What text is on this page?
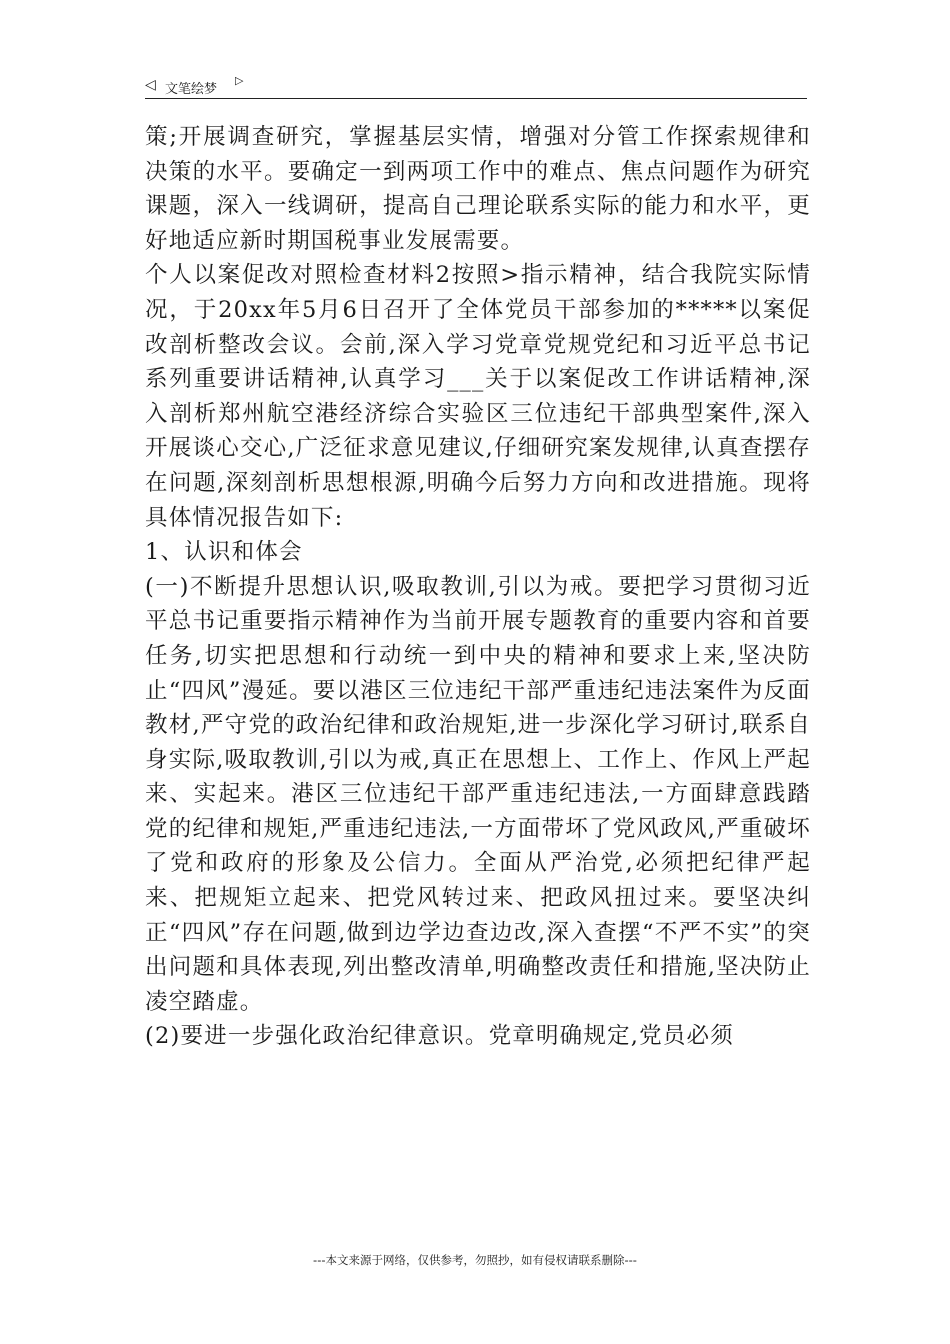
◁ 文笔绘梦
▷

策;开展调查研究，掌握基层实情，增强对分管工作探索规律和决策的水平。要确定一到两项工作中的难点、焦点问题作为研究课题，深入一线调研，提高自己理论联系实际的能力和水平，更好地适应新时期国税事业发展需要。

个人以案促改对照检查材料2按照>指示精神，结合我院实际情况，于20xx年5月6日召开了全体党员干部参加的*****以案促改剖析整改会议。会前,深入学习党章党规党纪和习近平总书记系列重要讲话精神,认真学习___关于以案促改工作讲话精神,深入剖析郑州航空港经济综合实验区三位违纪干部典型案件,深入开展谈心交心,广泛征求意见建议,仔细研究案发规律,认真查摆存在问题,深刻剖析思想根源,明确今后努力方向和改进措施。现将具体情况报告如下:

1、认识和体会

(一)不断提升思想认识,吸取教训,引以为戒。要把学习贯彻习近平总书记重要指示精神作为当前开展专题教育的重要内容和首要任务,切实把思想和行动统一到中央的精神和要求上来,坚决防止“四风”漫延。要以港区三位违纪干部严重违纪违法案件为反面教材,严守党的政治纪律和政治规矩,进一步深化学习研讨,联系自身实际,吸取教训,引以为戒,真正在思想上、工作上、作风上严起来、实起来。港区三位违纪干部严重违纪违法,一方面肆意践踏党的纪律和规矩,严重违纪违法,一方面带坏了党风政风,严重破坏了党和政府的形象及公信力。全面从严治党,必须把纪律严起来、把规矩立起来、把党风转过来、把政风扭过来。要坚决纠正“四风”存在问题,做到边学边查边改,深入查摆“不严不实”的突出问题和具体表现,列出整改清单,明确整改责任和措施,坚决防止凌空踏虚。

(2)要进一步强化政治纪律意识。党章明确规定,党员必须

---本文来源于网络，仅供参考，勿照抄，如有侵权请联系删除---
